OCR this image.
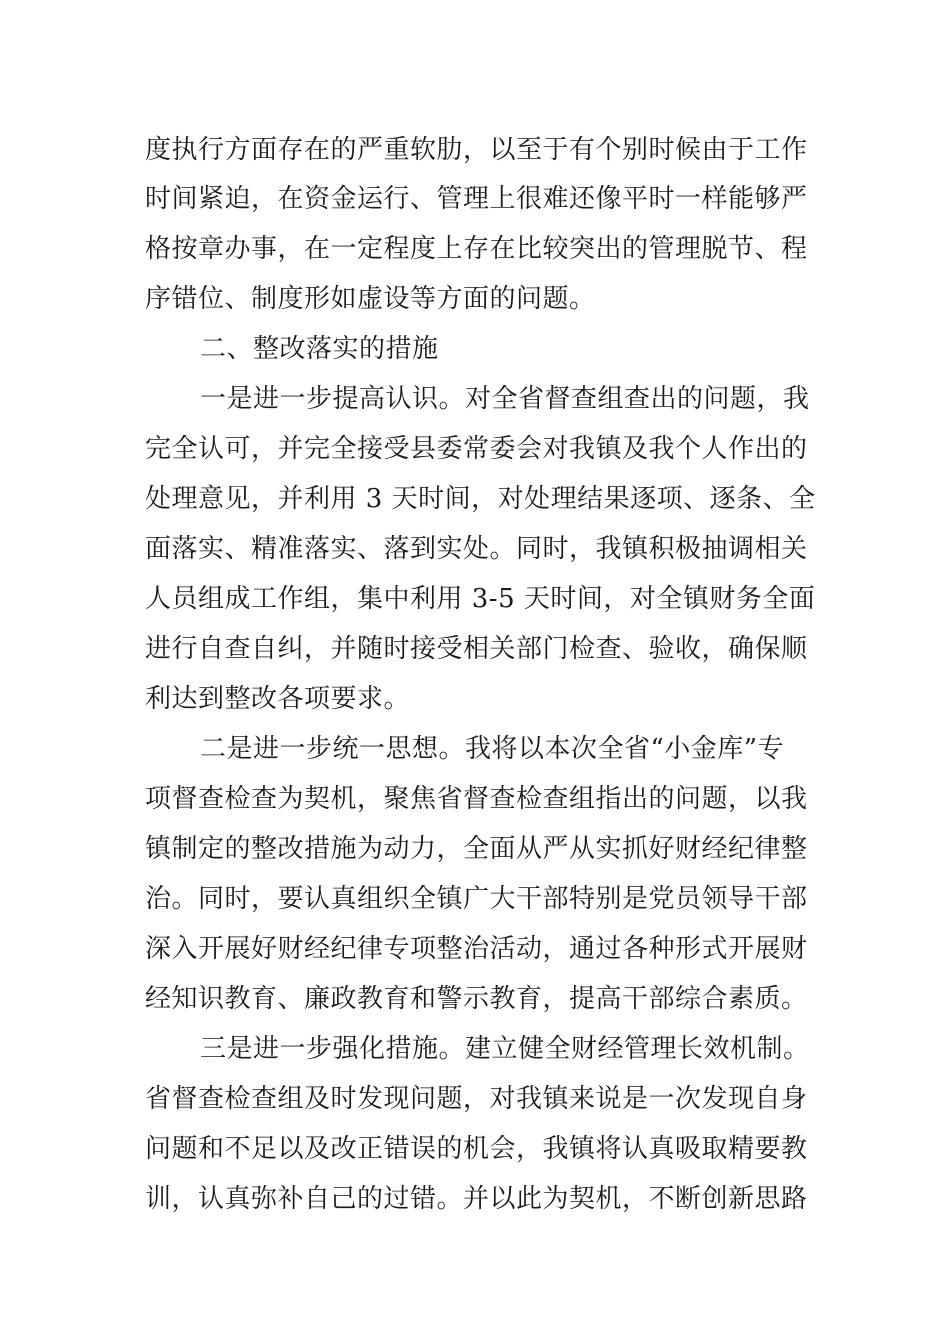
度执行方面存在的严重软肋，以至于有个别时候由于工作
时间紧迫，在资金运行、管理上很难还像平时一样能够严
格按章办事，在一定程度上存在比较突出的管理脱节、程
序错位、制度形如虚设等方面的问题。
二、整改落实的措施
一是进一步提高认识。对全省督查组查出的问题，我
完全认可，并完全接受县委常委会对我镇及我个人作出的
处理意见，并利用 3 天时间，对处理结果逐项、逐条、全
面落实、精准落实、落到实处。同时，我镇积极抽调相关
人员组成工作组，集中利用 3-5 天时间，对全镇财务全面
进行自查自纠，并随时接受相关部门检查、验收，确保顺
利达到整改各项要求。
二是进一步统一思想。我将以本次全省“小金库”专
项督查检查为契机，聚焦省督查检查组指出的问题，以我
镇制定的整改措施为动力，全面从严从实抓好财经纪律整
治。同时，要认真组织全镇广大干部特别是党员领导干部
深入开展好财经纪律专项整治活动，通过各种形式开展财
经知识教育、廉政教育和警示教育，提高干部综合素质。
三是进一步强化措施。建立健全财经管理长效机制。
省督查检查组及时发现问题，对我镇来说是一次发现自身
问题和不足以及改正错误的机会，我镇将认真吸取精要教
训，认真弥补自己的过错。并以此为契机，不断创新思路
